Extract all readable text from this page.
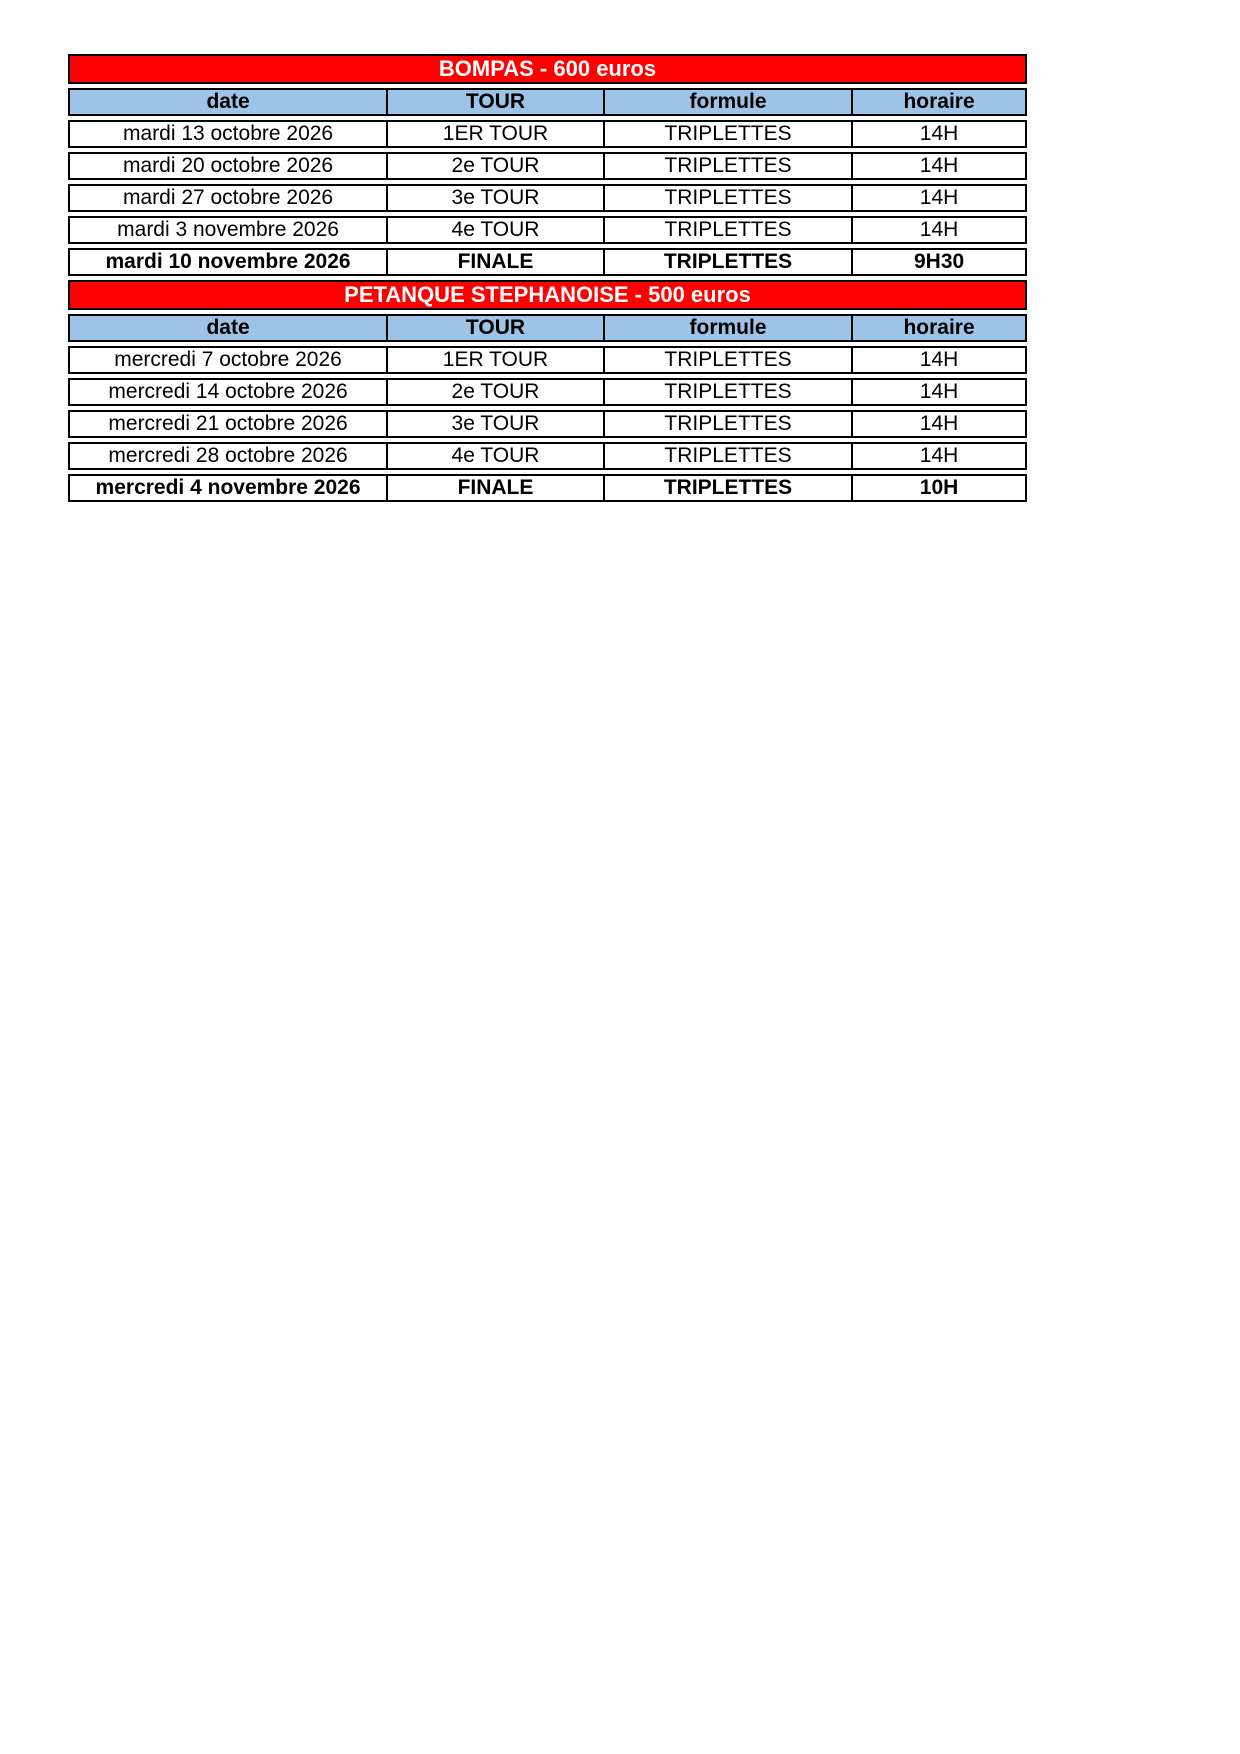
BOMPAS - 600 euros
date	TOUR	formule	horaire
mardi 13 octobre 2026	1ER TOUR	TRIPLETTES	14H
mardi 20 octobre 2026	2e TOUR	TRIPLETTES	14H
mardi 27 octobre 2026	3e TOUR	TRIPLETTES	14H
mardi 3 novembre 2026	4e TOUR	TRIPLETTES	14H
mardi 10 novembre 2026	FINALE	TRIPLETTES	9H30
PETANQUE STEPHANOISE - 500 euros
date	TOUR	formule	horaire
mercredi 7 octobre 2026	1ER TOUR	TRIPLETTES	14H
mercredi 14 octobre 2026	2e TOUR	TRIPLETTES	14H
mercredi 21 octobre 2026	3e TOUR	TRIPLETTES	14H
mercredi 28 octobre 2026	4e TOUR	TRIPLETTES	14H
mercredi 4 novembre 2026	FINALE	TRIPLETTES	10H
